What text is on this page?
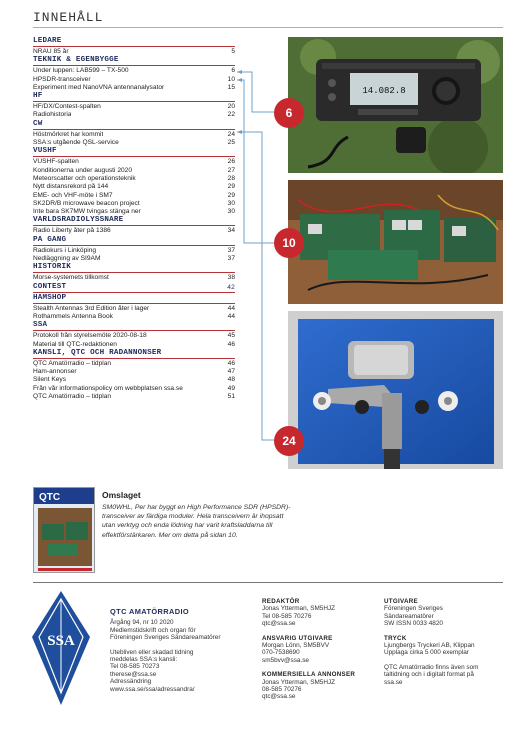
INNEHÅLL
LEDARE
NRAU 85 år	5
TEKNIK & EGENBYGGE
Under luppen: LAB599 – TX-500	6
HPSDR-transceiver	10
Experiment med NanoVNA antennanalysator	15
HF
HF/DX/Contest-spalten	20
Radiohistoria	22
CW
Höstmörkret har kommit	24
SSA:s utgående QSL-service	25
VUSHF
VUSHF-spalten	26
Konditionerna under augusti 2020	27
Meteorscatter och operationsteknik	28
Nytt distansrekord på 144	29
EME- och VHF-möte i SM7	29
SK2DR/B microwave beacon project	30
Inte bara SK7MW tvingas stänga ner	30
VÄRLDSRADIOLYSSNARE
Radio Liberty åter på 1386	34
PÅ GÅNG
Radiokurs i Linköping	37
Nedläggning av SI9AM	37
HISTORIK
Morse-systemets tillkomst	38
CONTEST	42
HAMSHOP
Stealth Antennas 3rd Edition åter i lager	44
Rothammels Antenna Book	44
SSA
Protokoll från styrelsemöte 2020-08-18	45
Material till QTC-redaktionen	46
KANSLI, QTC OCH RADANNONSER
QTC Amatörradio – tidplan	46
Ham-annonser	47
Silent Keys	48
Från vår informationspolicy om webbplatsen ssa.se	49
QTC Amatörradio – tidplan	51
14.082.8
6
10
24
QTC	Omslaget
SM0WHL, Per har byggt en High Performance SDR (HPSDR)-transceiver av färdiga moduler. Hela transceivern är ihopsatt utan verktyg och enda lödning har varit kraftsladdarna till effektförstärkaren. Mer om detta på sidan 10.
SSA
QTC AMATÖRRADIO
Årgång 94, nr 10 2020
Medlemstidskrift och organ för
Föreningen Sveriges Sändareamatörer
Utebliven eller skadad tidning
meddelas SSA:s kansli:
Tel 08-585 70273
therese@ssa.se
Adressändring
www.ssa.se/ssa/adressandra/
REDAKTÖR
Jonas Ytterman, SM5HJZ
Tel 08-585 70276
qtc@ssa.se
ANSVARIG UTGIVARE
Morgan Lönn, SM5BVV
070-7538690
sm5bvv@ssa.se
KOMMERSIELLA ANNONSER
Jonas Ytterman, SM5HJZ
08-585 70276
qtc@ssa.se
UTGIVARE
Föreningen Sveriges
Sändareamatörer
SW ISSN 0033 4820
TRYCK
Ljungbergs Tryckeri AB, Klippan
Upplaga cirka 5 000 exemplar
QTC Amatörradio finns även som
taltidning och i digitalt format på
ssa.se
